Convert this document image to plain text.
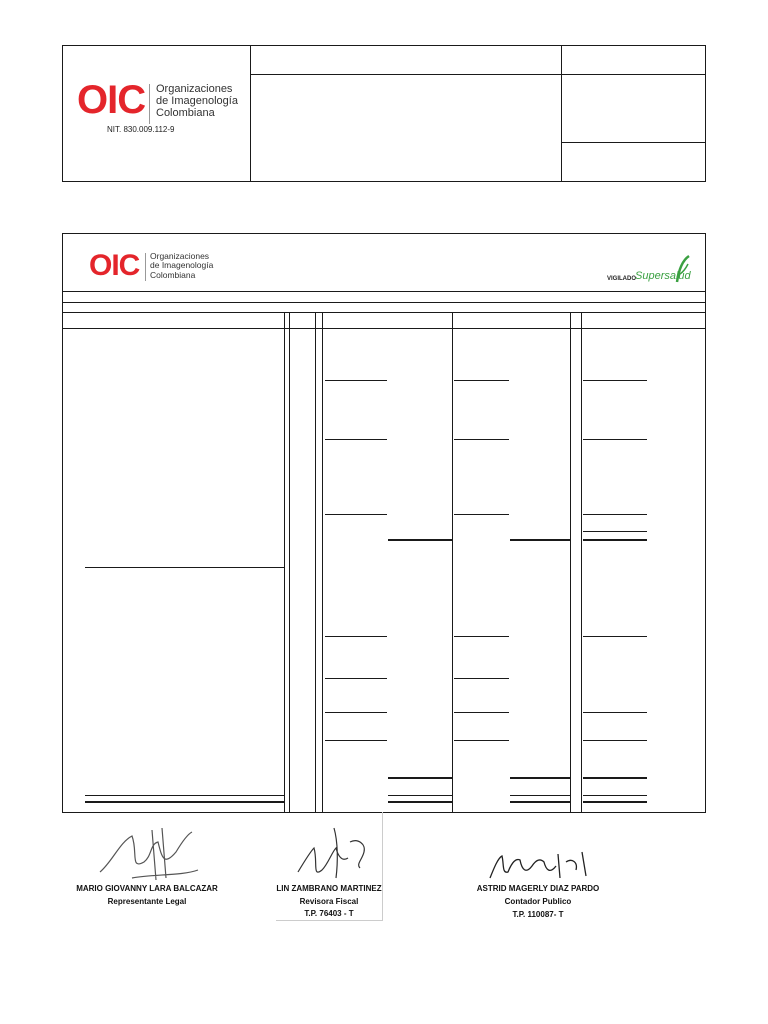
OIC Organizaciones
de Imagenología
Colombiana
NIT. 830.009.112-9
OIC Organizaciones
de Imagenología
Colombiana	VIGILADO
Supersalud
MARIO GIOVANNY LARA BALCAZAR
Representante Legal
LIN ZAMBRANO MARTINEZ
Revisora Fiscal
T.P. 76403 - T
ASTRID MAGERLY DIAZ PARDO
Contador Publico
T.P. 110087- T
